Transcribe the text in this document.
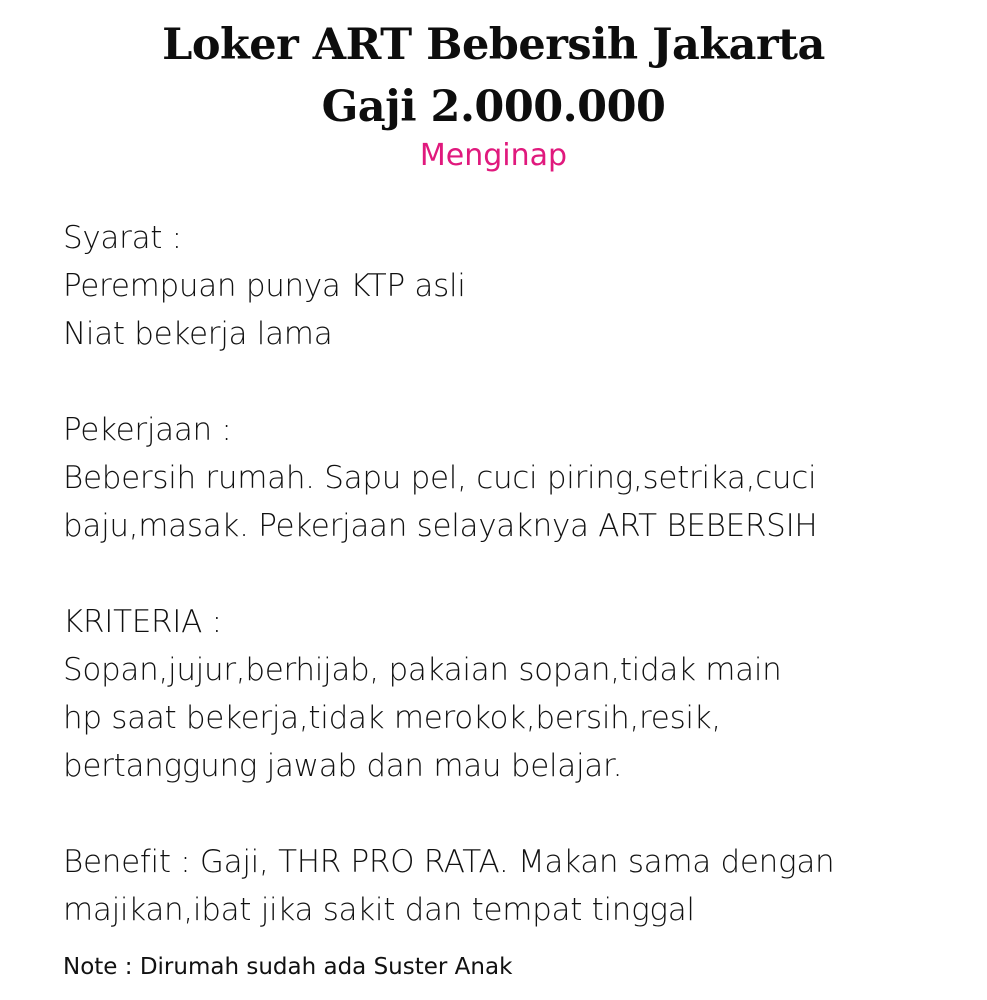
Loker ART Bebersih Jakarta
Gaji 2.000.000
Menginap
Syarat :
Perempuan punya KTP asli
Niat bekerja lama
Pekerjaan :
Bebersih rumah. Sapu pel, cuci piring,setrika,cuci
baju,masak. Pekerjaan selayaknya ART BEBERSIH
KRITERIA :
Sopan,jujur,berhijab, pakaian sopan,tidak main
hp saat bekerja,tidak merokok,bersih,resik,
bertanggung jawab dan mau belajar.
Benefit : Gaji, THR PRO RATA. Makan sama dengan
majikan,ibat jika sakit dan tempat tinggal
Note : Dirumah sudah ada Suster Anak
